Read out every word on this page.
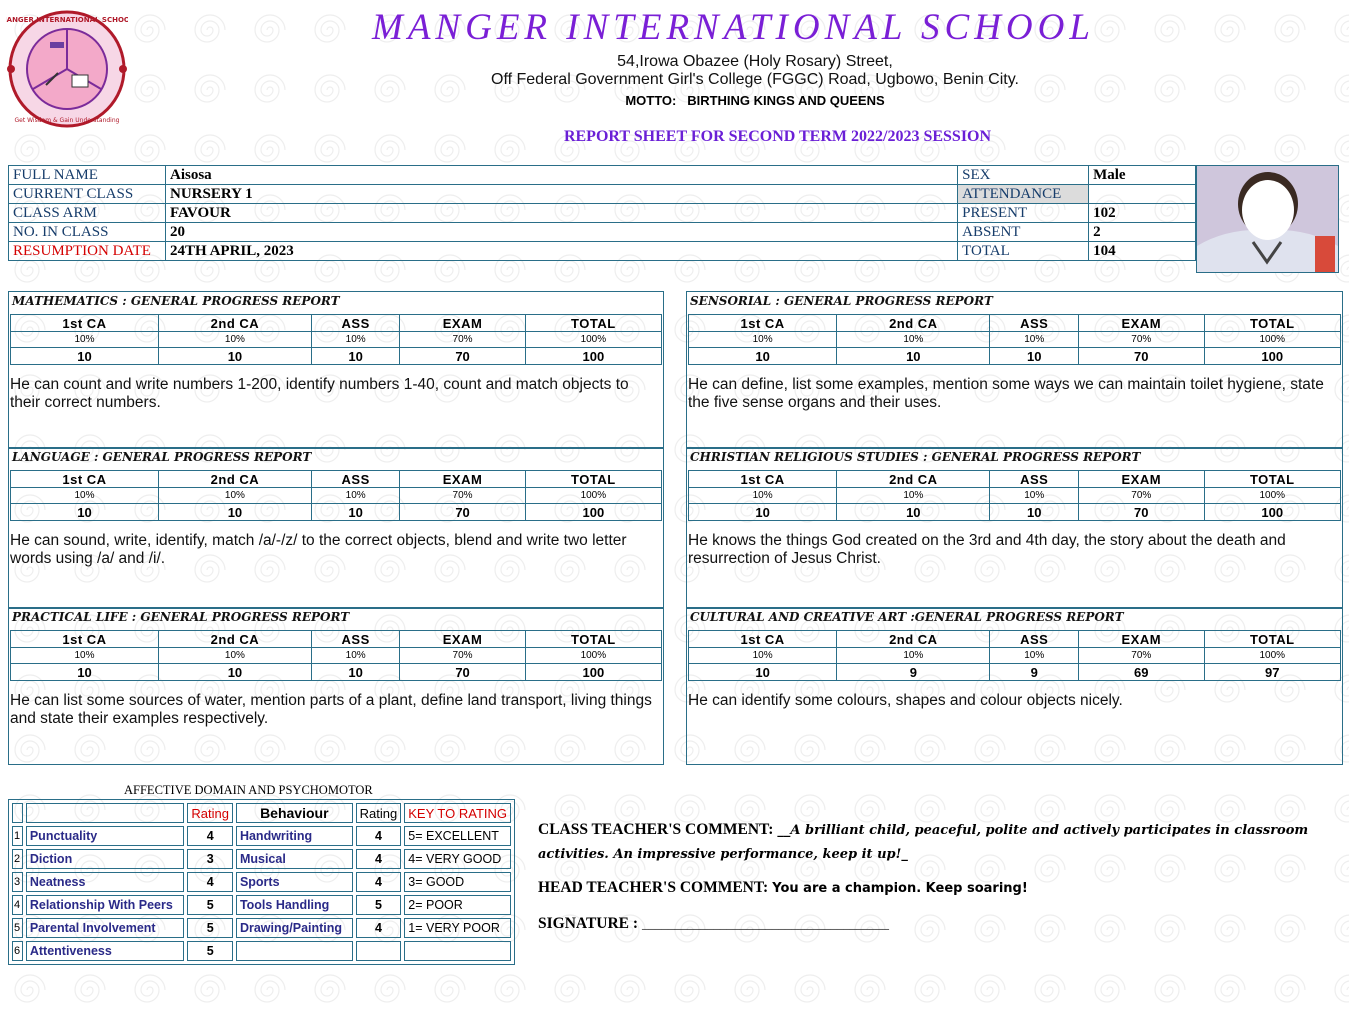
MANGER INTERNATIONAL SCHOOL
Get Wisdom & Gain Understanding
MANGER INTERNATIONAL SCHOOL
54,Irowa Obazee (Holy Rosary) Street,
Off Federal Government Girl's College (FGGC) Road, Ugbowo, Benin City.
MOTTO: BIRTHING KINGS AND QUEENS
REPORT SHEET FOR SECOND TERM 2022/2023 SESSION
FULL NAME	Aisosa	SEX	Male
CURRENT CLASS	NURSERY 1	ATTENDANCE	
CLASS ARM	FAVOUR	PRESENT	102
NO. IN CLASS	20	ABSENT	2
RESUMPTION DATE	24TH APRIL, 2023	TOTAL	104
MATHEMATICS : GENERAL PROGRESS REPORT
1st CA	2nd CA	ASS	EXAM	TOTAL
10%	10%	10%	70%	100%
10	10	10	70	100
He can count and write numbers 1-200, identify numbers 1-40, count and match objects to their correct numbers.
SENSORIAL : GENERAL PROGRESS REPORT
1st CA	2nd CA	ASS	EXAM	TOTAL
10%	10%	10%	70%	100%
10	10	10	70	100
He can define, list some examples, mention some ways we can maintain toilet hygiene, state the five sense organs and their uses.
LANGUAGE : GENERAL PROGRESS REPORT
1st CA	2nd CA	ASS	EXAM	TOTAL
10%	10%	10%	70%	100%
10	10	10	70	100
He can sound, write, identify, match /a/-/z/ to the correct objects, blend and write two letter words using /a/ and /i/.
CHRISTIAN RELIGIOUS STUDIES : GENERAL PROGRESS REPORT
1st CA	2nd CA	ASS	EXAM	TOTAL
10%	10%	10%	70%	100%
10	10	10	70	100
He knows the things God created on the 3rd and 4th day, the story about the death and resurrection of Jesus Christ.
PRACTICAL LIFE : GENERAL PROGRESS REPORT
1st CA	2nd CA	ASS	EXAM	TOTAL
10%	10%	10%	70%	100%
10	10	10	70	100
He can list some sources of water, mention parts of a plant, define land transport, living things and state their examples respectively.
CULTURAL AND CREATIVE ART :GENERAL PROGRESS REPORT
1st CA	2nd CA	ASS	EXAM	TOTAL
10%	10%	10%	70%	100%
10	9	9	69	97
He can identify some colours, shapes and colour objects nicely.
AFFECTIVE DOMAIN AND PSYCHOMOTOR
		Rating	Behaviour	Rating	KEY TO RATING
1	Punctuality	4	Handwriting	4	5= EXCELLENT
2	Diction	3	Musical	4	4= VERY GOOD
3	Neatness	4	Sports	4	3= GOOD
4	Relationship With Peers	5	Tools Handling	5	2= POOR
5	Parental Involvement	5	Drawing/Painting	4	1= VERY POOR
6	Attentiveness	5			
CLASS TEACHER'S COMMENT: __A brilliant child, peaceful, polite and actively participates in classroom
activities. An impressive performance, keep it up!_
HEAD TEACHER'S COMMENT: You are a champion. Keep soaring!
SIGNATURE : ______________________________________
